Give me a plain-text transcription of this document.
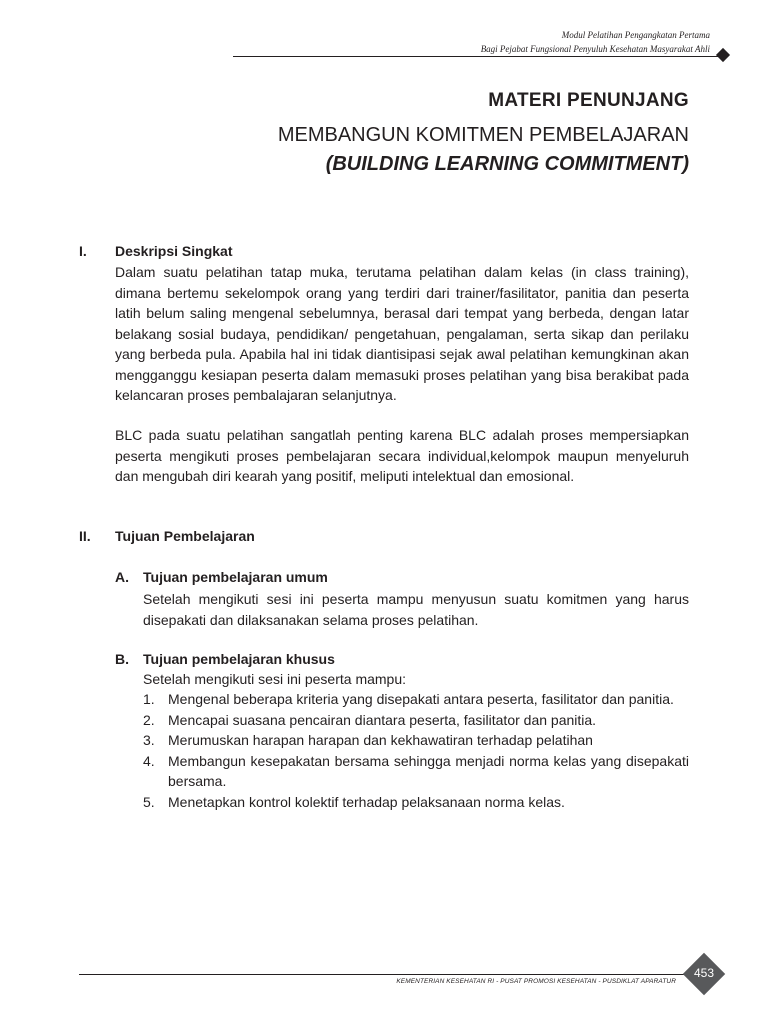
Modul Pelatihan Pengangkatan Pertama
Bagi Pejabat Fungsional Penyuluh Kesehatan Masyarakat Ahli
MATERI PENUNJANG
MEMBANGUN KOMITMEN PEMBELAJARAN
(BUILDING LEARNING COMMITMENT)
I. Deskripsi Singkat

Dalam suatu pelatihan tatap muka, terutama pelatihan dalam kelas (in class training), dimana bertemu sekelompok orang yang terdiri dari trainer/fasilitator, panitia dan peserta latih belum saling mengenal sebelumnya, berasal dari tempat yang berbeda, dengan latar belakang sosial budaya, pendidikan/ pengetahuan, pengalaman, serta sikap dan perilaku yang berbeda pula. Apabila hal ini tidak diantisipasi sejak awal pelatihan kemungkinan akan mengganggu kesiapan peserta dalam memasuki proses pelatihan yang bisa berakibat pada kelancaran proses pembalajaran selanjutnya.

BLC pada suatu pelatihan sangatlah penting karena BLC adalah proses mempersiapkan peserta mengikuti proses pembelajaran secara individual,kelompok maupun menyeluruh dan mengubah diri kearah yang positif, meliputi intelektual dan emosional.

II. Tujuan Pembelajaran
A. Tujuan pembelajaran umum

Setelah mengikuti sesi ini peserta mampu menyusun suatu komitmen yang harus disepakati dan dilaksanakan selama proses pelatihan.

B. Tujuan pembelajaran khusus

Setelah mengikuti sesi ini peserta mampu:

1. Mengenal beberapa kriteria yang disepakati antara peserta, fasilitator dan panitia.
2. Mencapai suasana pencairan diantara peserta, fasilitator dan panitia.
3. Merumuskan harapan harapan dan kekhawatiran terhadap pelatihan
4. Membangun kesepakatan bersama sehingga menjadi norma kelas yang disepakati bersama.
5. Menetapkan kontrol kolektif terhadap pelaksanaan norma kelas.
KEMENTERIAN KESEHATAN RI - PUSAT PROMOSI KESEHATAN - PUSDIKLAT APARATUR
453
